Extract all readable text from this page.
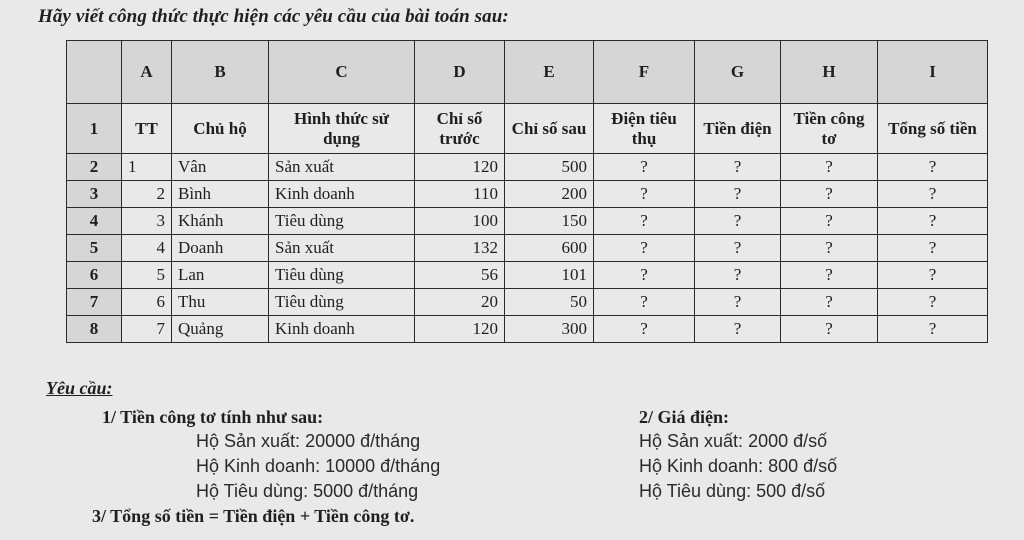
Hãy viết công thức thực hiện các yêu cầu của bài toán sau:
	A	B	C	D	E	F	G	H	I
1	TT	Chủ hộ	Hình thức sử dụng	Chỉ số trước	Chỉ số sau	Điện tiêu thụ	Tiền điện	Tiền công tơ	Tổng số tiền
2	1	Vân	Sản xuất	120	500	?	?	?	?
3	2	Bình	Kinh doanh	110	200	?	?	?	?
4	3	Khánh	Tiêu dùng	100	150	?	?	?	?
5	4	Doanh	Sản xuất	132	600	?	?	?	?
6	5	Lan	Tiêu dùng	56	101	?	?	?	?
7	6	Thu	Tiêu dùng	20	50	?	?	?	?
8	7	Quảng	Kinh doanh	120	300	?	?	?	?
Yêu cầu:
1/ Tiền công tơ tính như sau:
Hộ Sản xuất: 20000 đ/tháng
Hộ Kinh doanh: 10000 đ/tháng
Hộ Tiêu dùng: 5000 đ/tháng
2/ Giá điện:
Hộ Sản xuất: 2000 đ/số
Hộ Kinh doanh: 800 đ/số
Hộ Tiêu dùng: 500 đ/số
3/ Tổng số tiền = Tiền điện + Tiền công tơ.
